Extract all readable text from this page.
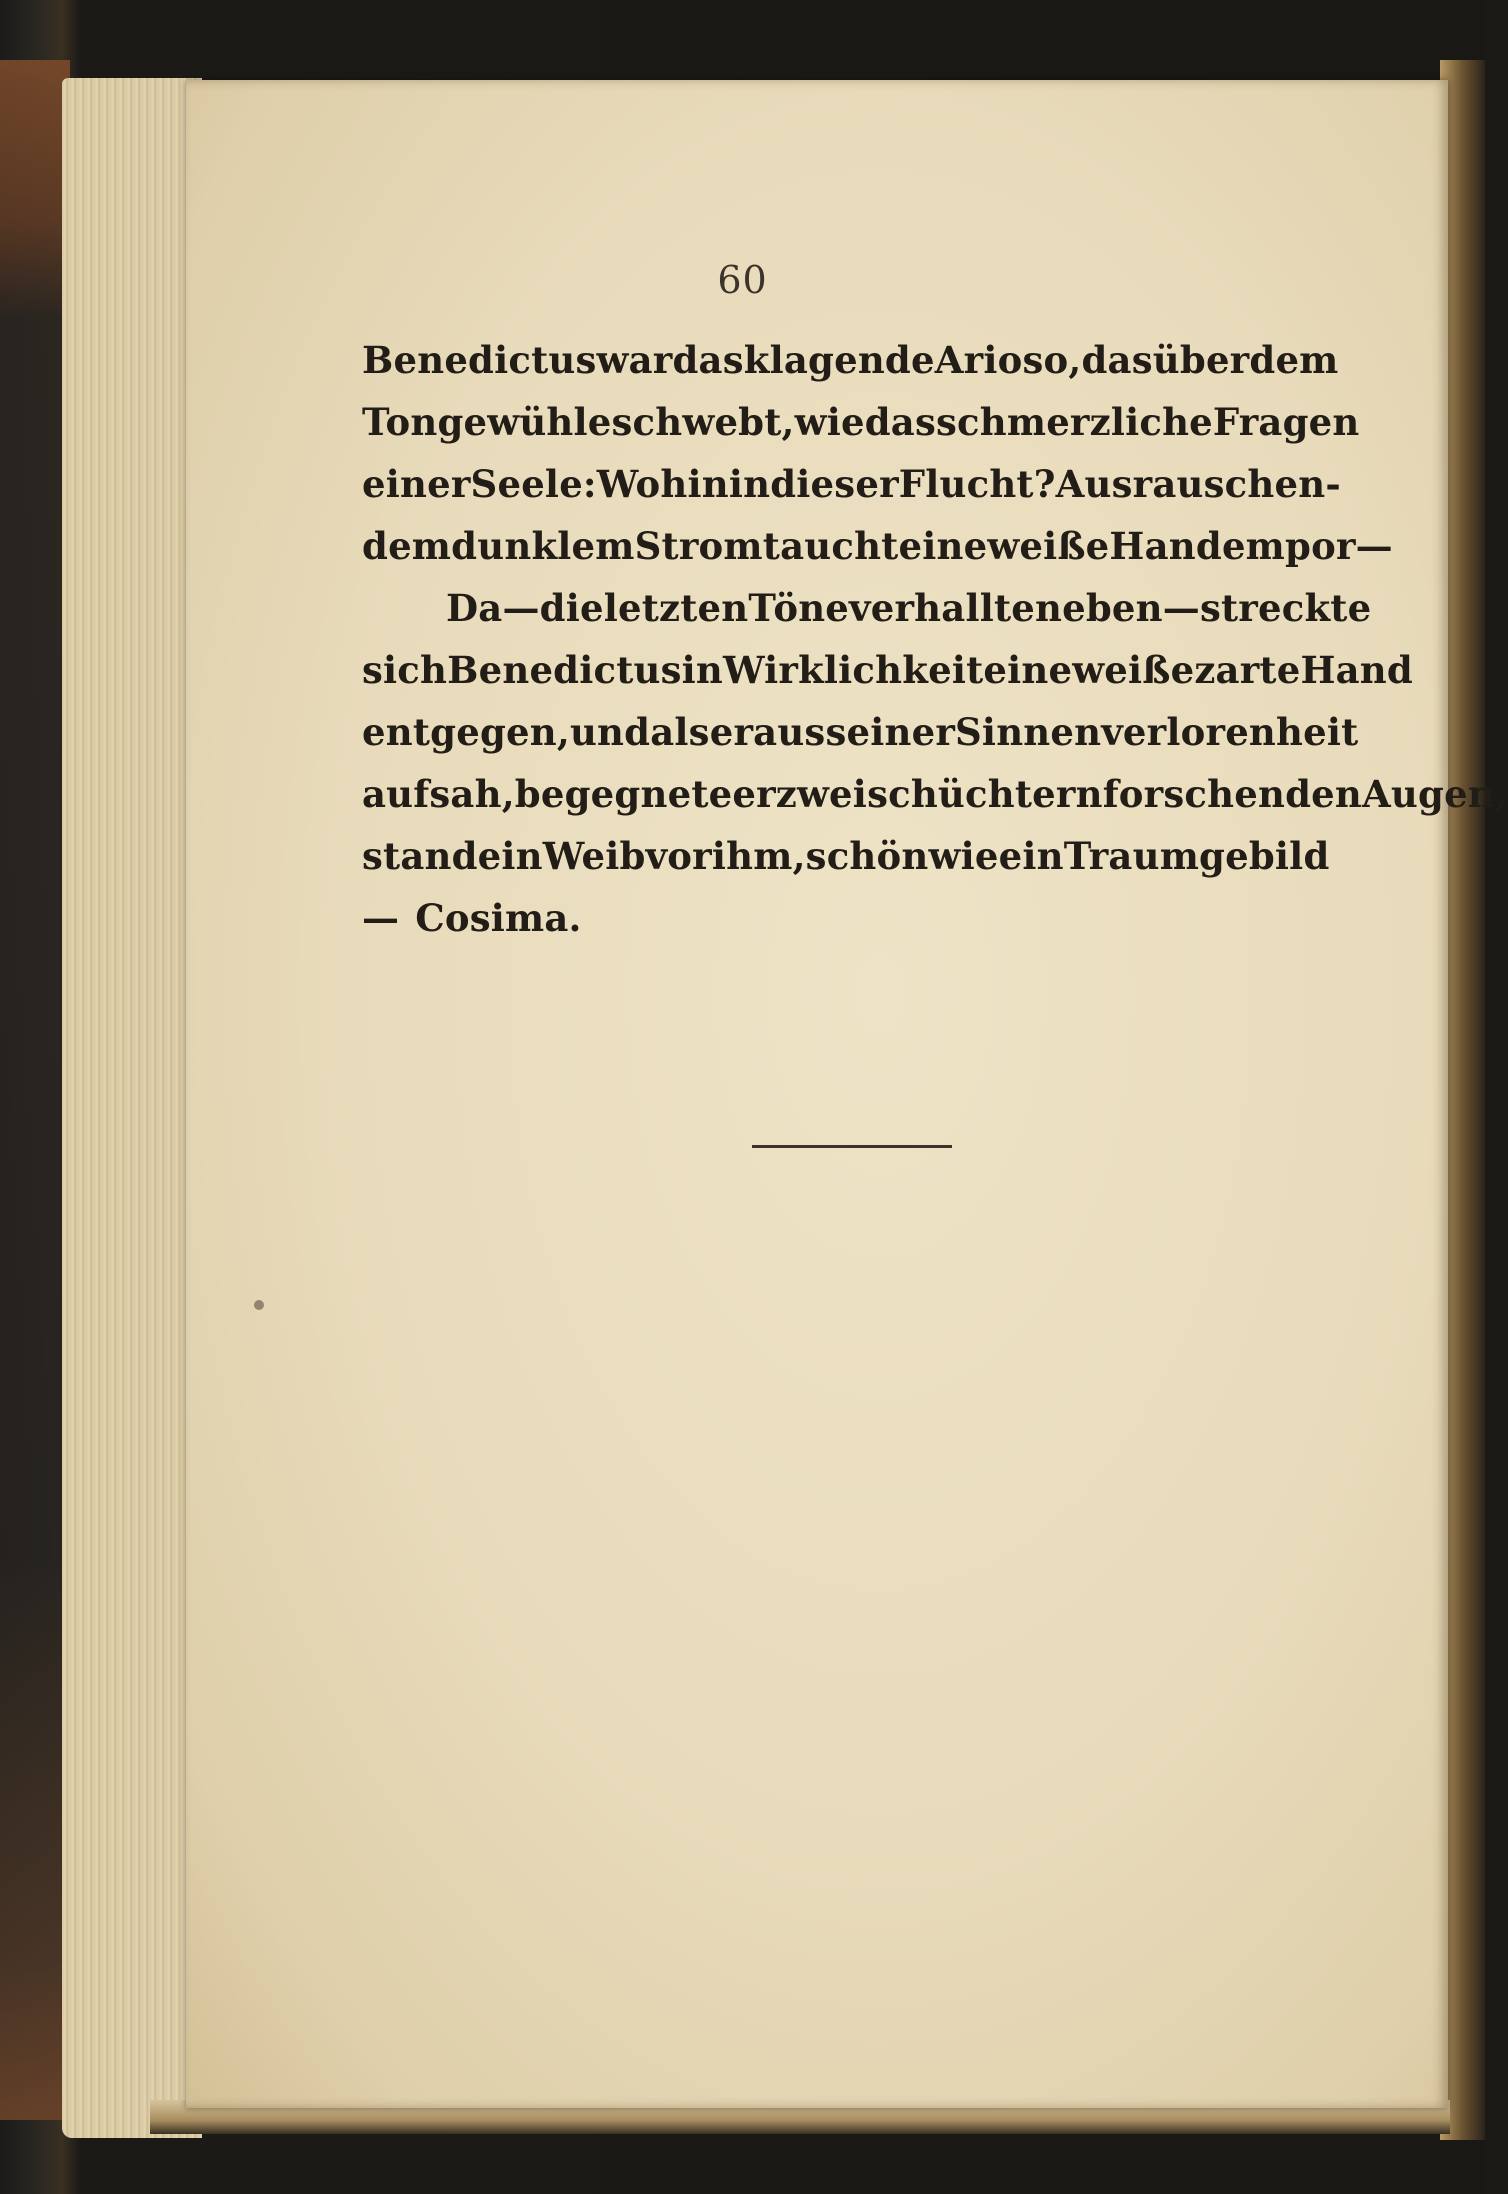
60
Benedictus war das klagende Arioso, das über dem
Tongewühle schwebt, wie das schmerzliche Fragen
einer Seele: Wohin in dieser Flucht? Aus rauschen-
dem dunklem Strom taucht eine weiße Hand empor —
Da — die letzten Töne verhallten eben — streckte
sich Benedictus in Wirklichkeit eine weiße zarte Hand
entgegen, und als er aus seiner Sinnenverlorenheit
aufsah, begegnete er zwei schüchtern forschenden Augen,
stand ein Weib vor ihm, schön wie ein Traumgebild
— Cosima.
